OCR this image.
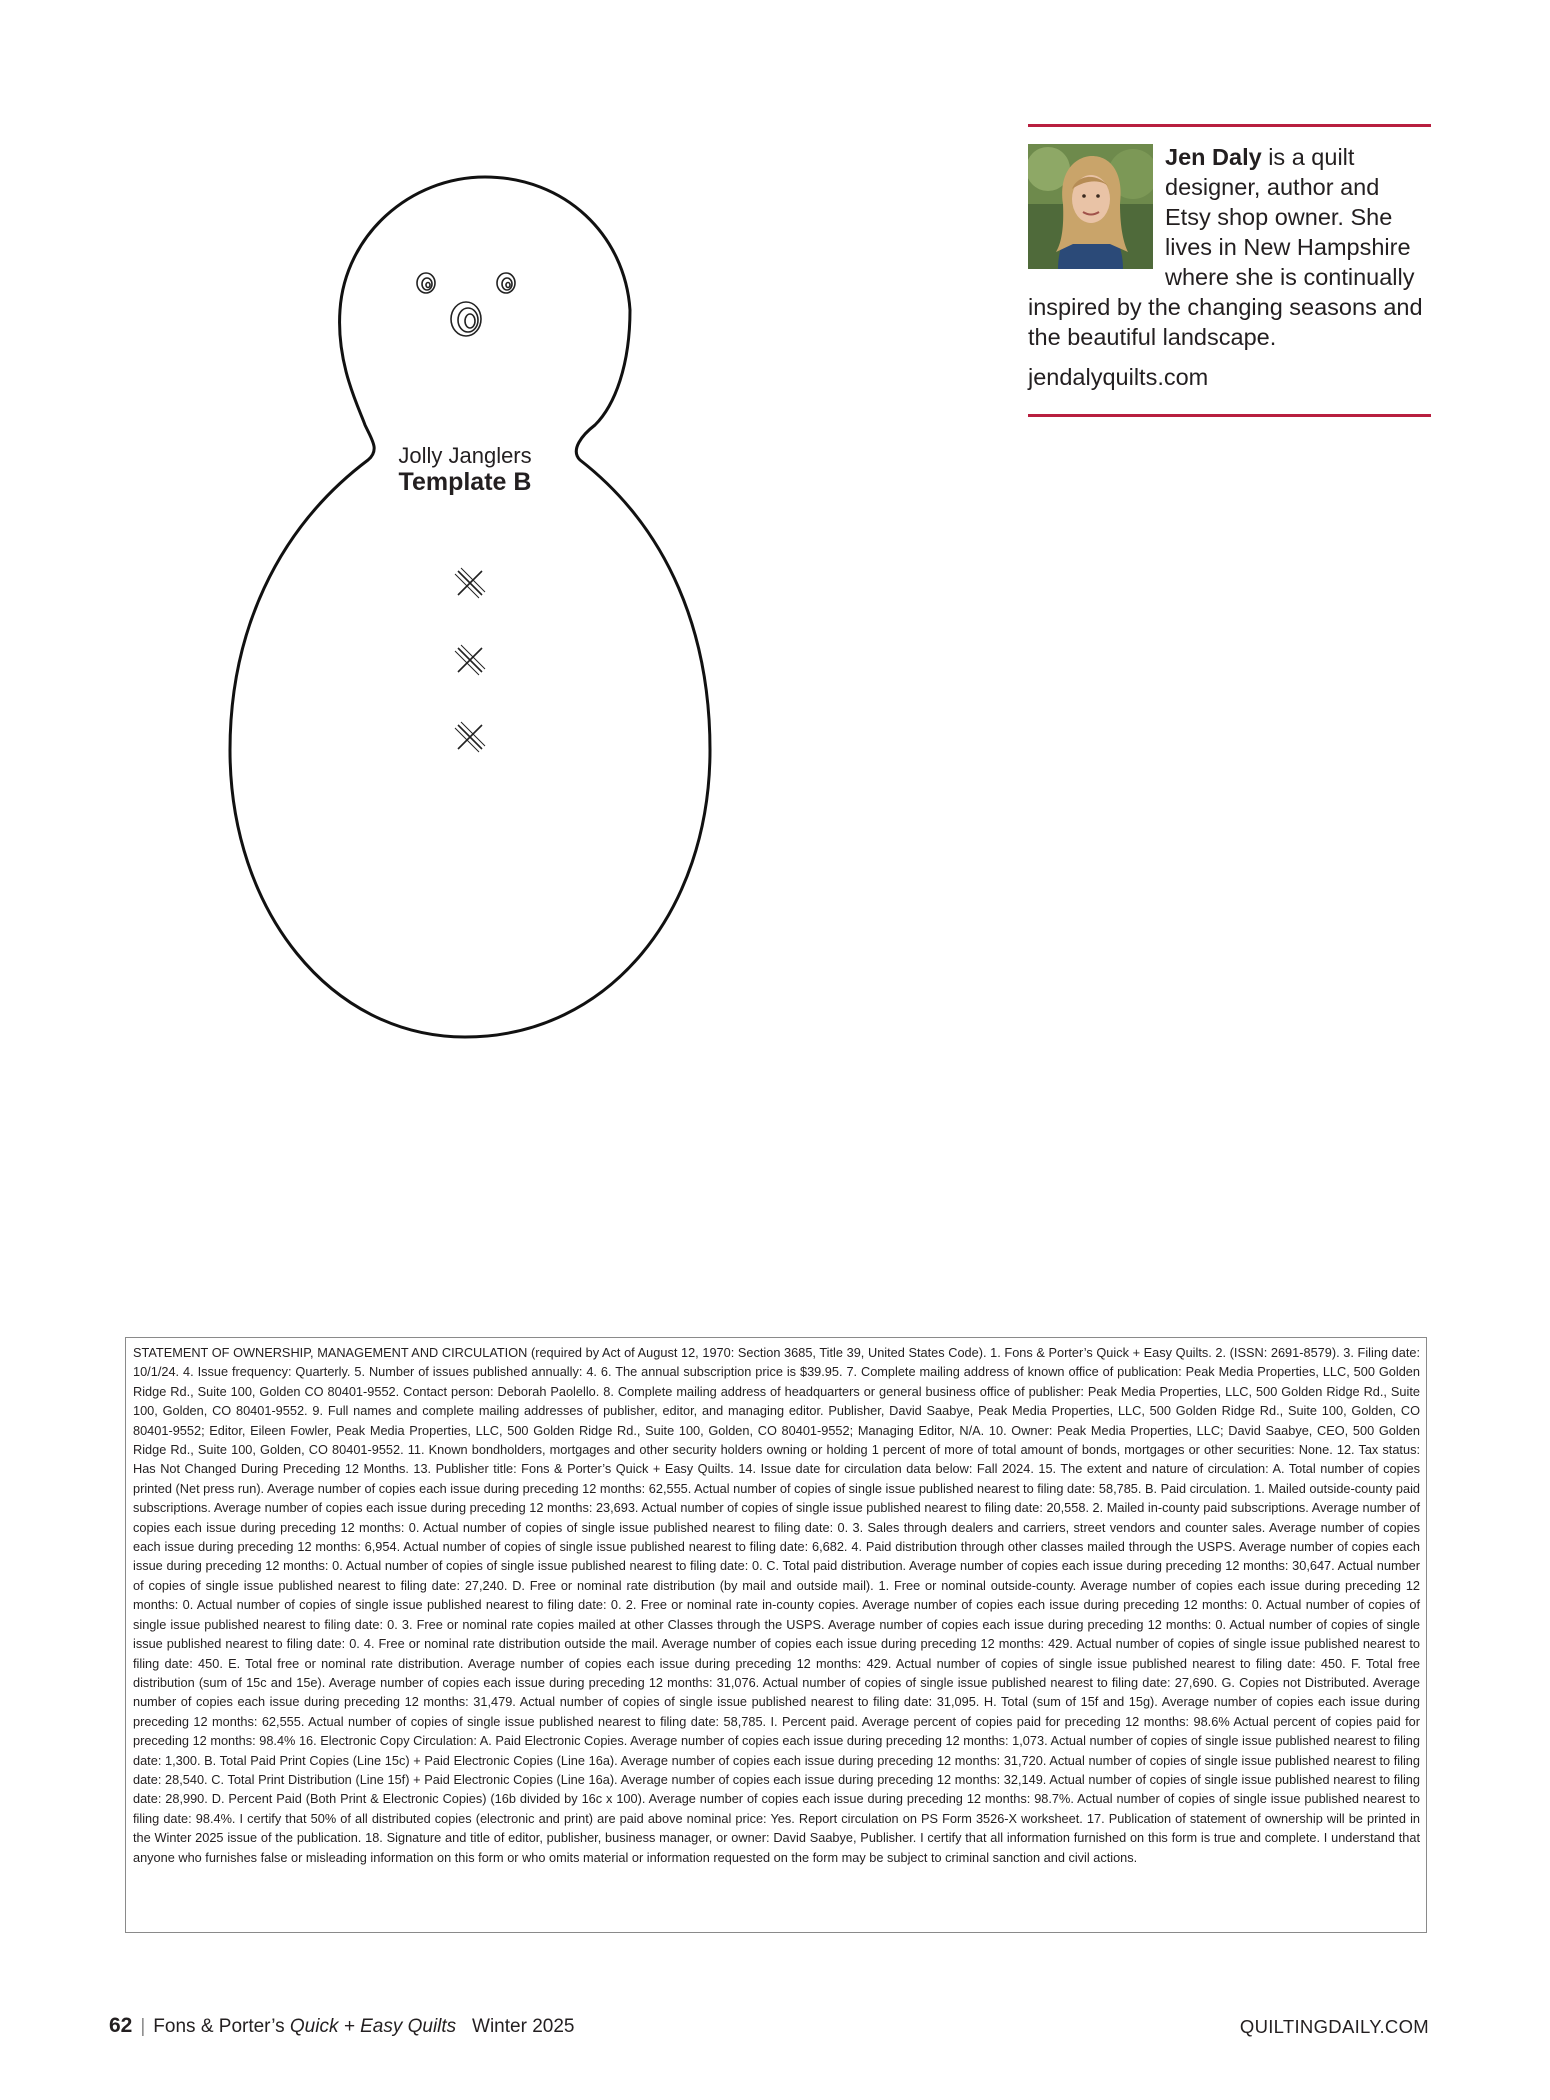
Jolly Janglers
Template B
Jen Daly is a quilt designer, author and Etsy shop owner. She lives in New Hampshire where she is continually inspired by the changing seasons and the beautiful landscape.
jendalyquilts.com

STATEMENT OF OWNERSHIP, MANAGEMENT AND CIRCULATION (required by Act of August 12, 1970: Section 3685, Title 39, United States Code). 1. Fons & Porter’s Quick + Easy Quilts. 2. (ISSN: 2691-8579). 3. Filing date: 10/1/24. 4. Issue frequency: Quarterly. 5. Number of issues published annually: 4. 6. The annual subscription price is $39.95. 7. Complete mailing address of known office of publication: Peak Media Properties, LLC, 500 Golden Ridge Rd., Suite 100, Golden CO 80401-9552. Contact person: Deborah Paolello. 8. Complete mailing address of headquarters or general business office of publisher: Peak Media Properties, LLC, 500 Golden Ridge Rd., Suite 100, Golden, CO 80401-9552. 9. Full names and complete mailing addresses of publisher, editor, and managing editor. Publisher, David Saabye, Peak Media Properties, LLC, 500 Golden Ridge Rd., Suite 100, Golden, CO 80401-9552; Editor, Eileen Fowler, Peak Media Properties, LLC, 500 Golden Ridge Rd., Suite 100, Golden, CO 80401-9552; Managing Editor, N/A. 10. Owner: Peak Media Properties, LLC; David Saabye, CEO, 500 Golden Ridge Rd., Suite 100, Golden, CO 80401-9552. 11. Known bondholders, mortgages and other security holders owning or holding 1 percent of more of total amount of bonds, mortgages or other securities: None. 12. Tax status: Has Not Changed During Preceding 12 Months. 13. Publisher title: Fons & Porter’s Quick + Easy Quilts. 14. Issue date for circulation data below: Fall 2024. 15. The extent and nature of circulation: A. Total number of copies printed (Net press run). Average number of copies each issue during preceding 12 months: 62,555. Actual number of copies of single issue published nearest to filing date: 58,785. B. Paid circulation. 1. Mailed outside-county paid subscriptions. Average number of copies each issue during preceding 12 months: 23,693. Actual number of copies of single issue published nearest to filing date: 20,558. 2. Mailed in-county paid subscriptions. Average number of copies each issue during preceding 12 months: 0. Actual number of copies of single issue published nearest to filing date: 0. 3. Sales through dealers and carriers, street vendors and counter sales. Average number of copies each issue during preceding 12 months: 6,954. Actual number of copies of single issue published nearest to filing date: 6,682. 4. Paid distribution through other classes mailed through the USPS. Average number of copies each issue during preceding 12 months: 0. Actual number of copies of single issue published nearest to filing date: 0. C. Total paid distribution. Average number of copies each issue during preceding 12 months: 30,647. Actual number of copies of single issue published nearest to filing date: 27,240. D. Free or nominal rate distribution (by mail and outside mail). 1. Free or nominal outside-county. Average number of copies each issue during preceding 12 months: 0. Actual number of copies of single issue published nearest to filing date: 0. 2. Free or nominal rate in-county copies. Average number of copies each issue during preceding 12 months: 0. Actual number of copies of single issue published nearest to filing date: 0. 3. Free or nominal rate copies mailed at other Classes through the USPS. Average number of copies each issue during preceding 12 months: 0. Actual number of copies of single issue published nearest to filing date: 0. 4. Free or nominal rate distribution outside the mail. Average number of copies each issue during preceding 12 months: 429. Actual number of copies of single issue published nearest to filing date: 450. E. Total free or nominal rate distribution. Average number of copies each issue during preceding 12 months: 429. Actual number of copies of single issue published nearest to filing date: 450. F. Total free distribution (sum of 15c and 15e). Average number of copies each issue during preceding 12 months: 31,076. Actual number of copies of single issue published nearest to filing date: 27,690. G. Copies not Distributed. Average number of copies each issue during preceding 12 months: 31,479. Actual number of copies of single issue published nearest to filing date: 31,095. H. Total (sum of 15f and 15g). Average number of copies each issue during preceding 12 months: 62,555. Actual number of copies of single issue published nearest to filing date: 58,785. I. Percent paid. Average percent of copies paid for preceding 12 months: 98.6% Actual percent of copies paid for preceding 12 months: 98.4% 16. Electronic Copy Circulation: A. Paid Electronic Copies. Average number of copies each issue during preceding 12 months: 1,073. Actual number of copies of single issue published nearest to filing date: 1,300. B. Total Paid Print Copies (Line 15c) + Paid Electronic Copies (Line 16a). Average number of copies each issue during preceding 12 months: 31,720. Actual number of copies of single issue published nearest to filing date: 28,540. C. Total Print Distribution (Line 15f) + Paid Electronic Copies (Line 16a). Average number of copies each issue during preceding 12 months: 32,149. Actual number of copies of single issue published nearest to filing date: 28,990. D. Percent Paid (Both Print & Electronic Copies) (16b divided by 16c x 100). Average number of copies each issue during preceding 12 months: 98.7%. Actual number of copies of single issue published nearest to filing date: 98.4%. I certify that 50% of all distributed copies (electronic and print) are paid above nominal price: Yes. Report circulation on PS Form 3526-X worksheet. 17. Publication of statement of ownership will be printed in the Winter 2025 issue of the publication. 18. Signature and title of editor, publisher, business manager, or owner: David Saabye, Publisher. I certify that all information furnished on this form is true and complete. I understand that anyone who furnishes false or misleading information on this form or who omits material or information requested on the form may be subject to criminal sanction and civil actions.

62 | Fons & Porter’s Quick + Easy Quilts Winter 2025	QUILTINGDAILY.COM
